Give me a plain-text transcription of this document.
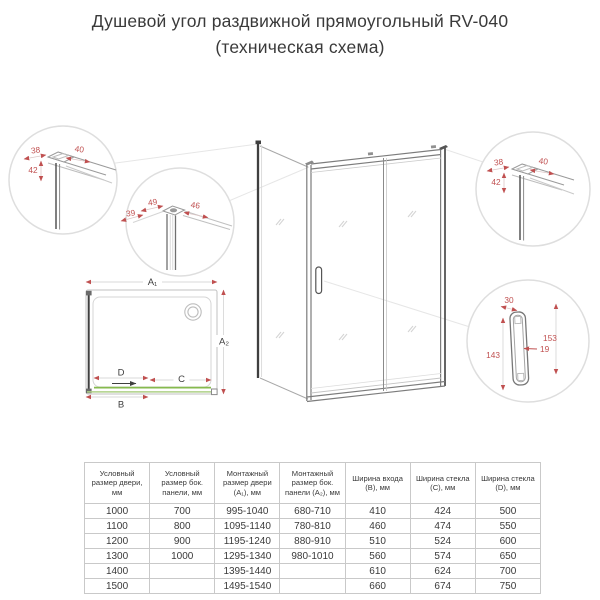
Душевой угол раздвижной прямоугольный RV-040
(техническая схема)
38	40
42
49	46
39
38	40
42
30
153
143
19
A₁
A₂
D
C
B
Условный размер двери, мм	Условный размер бок. панели, мм	Монтажный размер двери (A₁), мм	Монтажный размер бок. панели (A₂), мм	Ширина входа (B), мм	Ширина стекла (C), мм	Ширина стекла (D), мм
1000	700	995-1040	680-710	410	424	500
1100	800	1095-1140	780-810	460	474	550
1200	900	1195-1240	880-910	510	524	600
1300	1000	1295-1340	980-1010	560	574	650
1400		1395-1440		610	624	700
1500		1495-1540		660	674	750
